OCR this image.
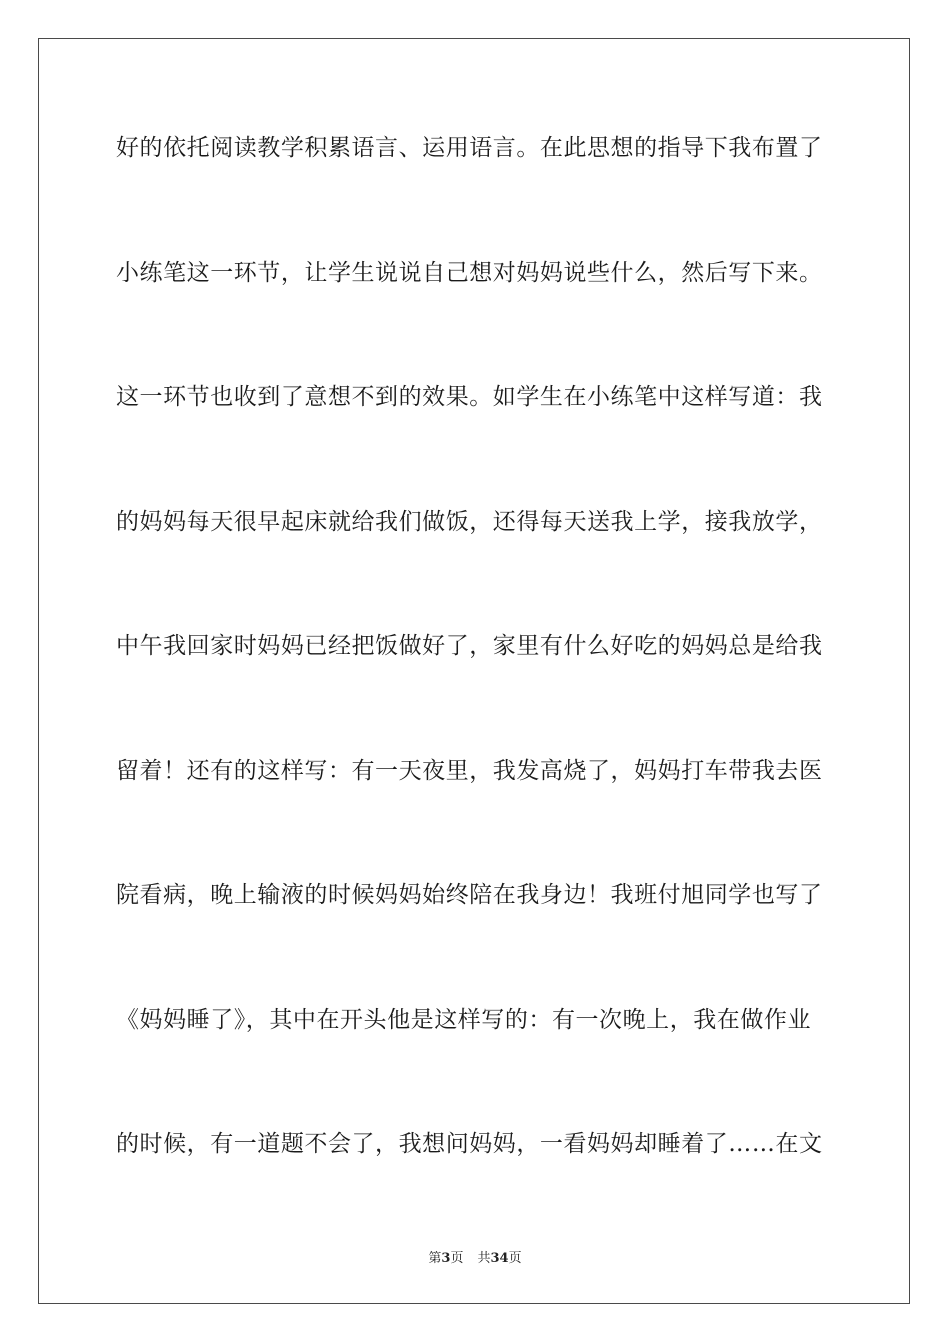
好的依托阅读教学积累语言、运用语言。在此思想的指导下我布置了
小练笔这一环节，让学生说说自己想对妈妈说些什么，然后写下来。
这一环节也收到了意想不到的效果。如学生在小练笔中这样写道：我
的妈妈每天很早起床就给我们做饭，还得每天送我上学，接我放学，
中午我回家时妈妈已经把饭做好了，家里有什么好吃的妈妈总是给我
留着！还有的这样写：有一天夜里，我发高烧了，妈妈打车带我去医
院看病，晚上输液的时候妈妈始终陪在我身边！我班付旭同学也写了
《妈妈睡了》，其中在开头他是这样写的：有一次晚上，我在做作业
的时候，有一道题不会了，我想问妈妈，一看妈妈却睡着了……在文
第3页 共34页
